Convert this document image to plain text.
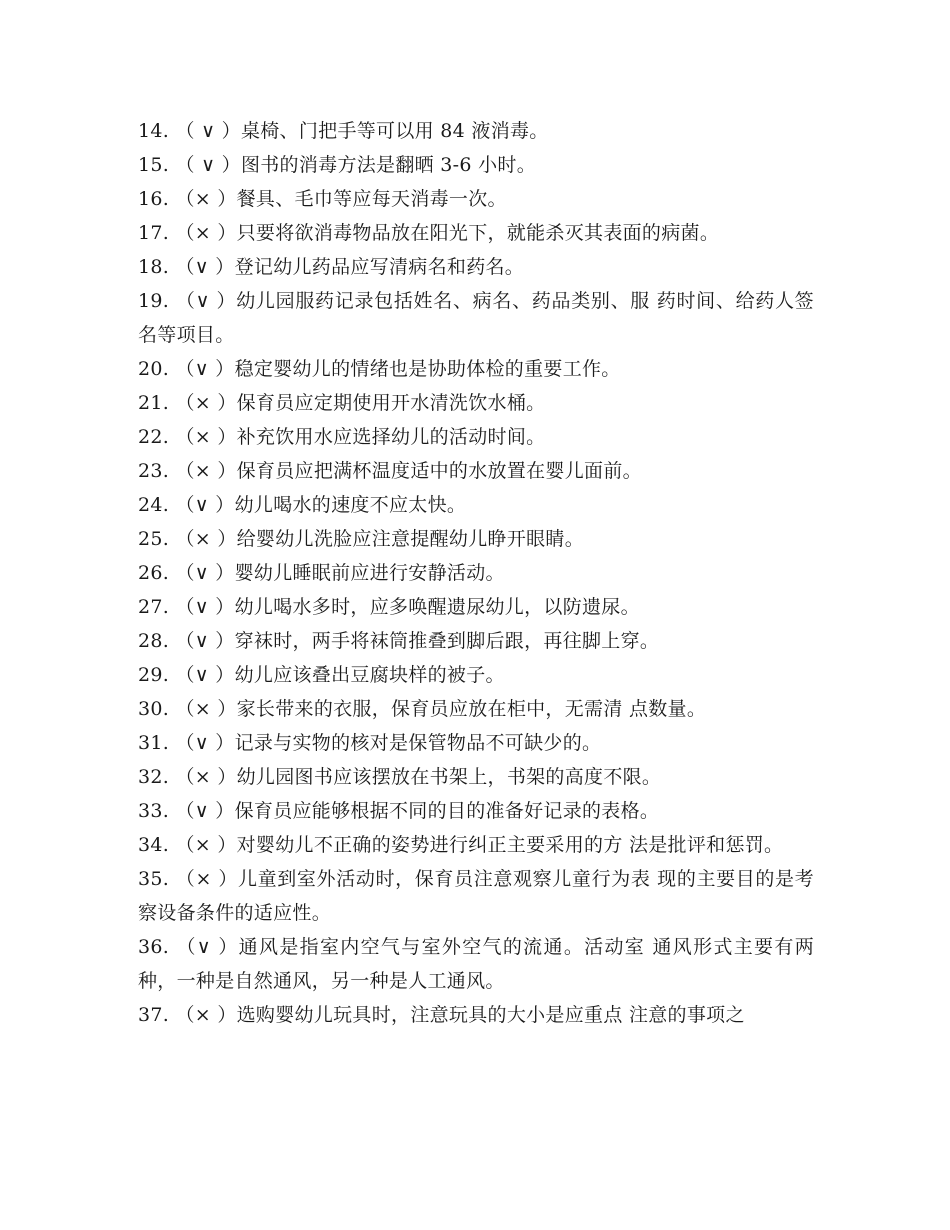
14. （ ∨ ）桌椅、门把手等可以用 84 液消毒。

15. （ ∨ ）图书的消毒方法是翻晒 3-6 小时。

16. （× ）餐具、毛巾等应每天消毒一次。

17. （× ）只要将欲消毒物品放在阳光下，就能杀灭其表面的病菌。

18. （∨ ）登记幼儿药品应写清病名和药名。

19. （∨ ）幼儿园服药记录包括姓名、病名、药品类别、服 药时间、给药人签名等项目。

20. （∨ ）稳定婴幼儿的情绪也是协助体检的重要工作。

21. （× ）保育员应定期使用开水清洗饮水桶。

22. （× ）补充饮用水应选择幼儿的活动时间。

23. （× ）保育员应把满杯温度适中的水放置在婴儿面前。

24. （∨ ）幼儿喝水的速度不应太快。

25. （× ）给婴幼儿洗脸应注意提醒幼儿睁开眼睛。

26. （∨ ）婴幼儿睡眠前应进行安静活动。

27. （∨ ）幼儿喝水多时，应多唤醒遗尿幼儿，以防遗尿。

28. （∨ ）穿袜时，两手将袜筒推叠到脚后跟，再往脚上穿。

29. （∨ ）幼儿应该叠出豆腐块样的被子。

30. （× ）家长带来的衣服，保育员应放在柜中，无需清 点数量。

31. （∨ ）记录与实物的核对是保管物品不可缺少的。

32. （× ）幼儿园图书应该摆放在书架上，书架的高度不限。

33. （∨ ）保育员应能够根据不同的目的准备好记录的表格。

34. （× ）对婴幼儿不正确的姿势进行纠正主要采用的方 法是批评和惩罚。

35. （× ）儿童到室外活动时，保育员注意观察儿童行为表 现的主要目的是考察设备条件的适应性。

36. （∨ ）通风是指室内空气与室外空气的流通。活动室 通风形式主要有两种，一种是自然通风，另一种是人工通风。

37. （× ）选购婴幼儿玩具时，注意玩具的大小是应重点 注意的事项之
